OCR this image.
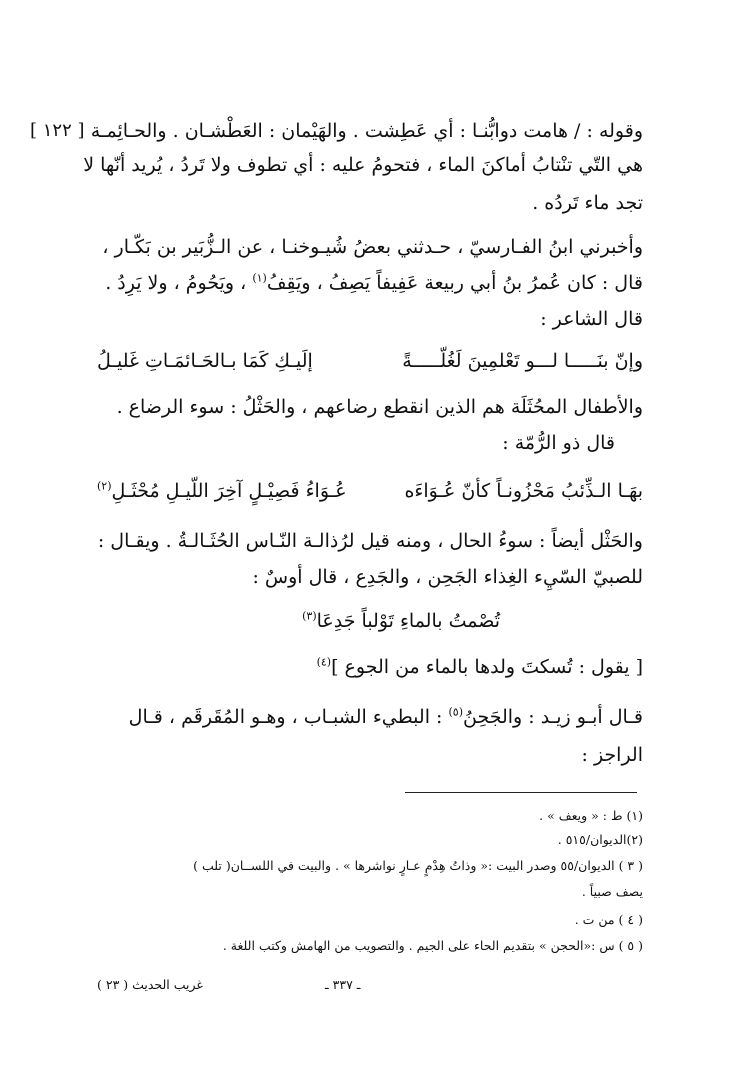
[ ١٢٢ ] وقوله : / هامت دوابُّنـا : أي عَطِشت . والهَيْمان : العَطْشـان . والحـائِمـة
هي التّي تنْتابُ أماكنَ الماء ، فتحومُ عليه : أي تطوف ولا تَردُ ، يُريد أنّها لا
تجد ماء تَردُه .
وأخبرني ابنُ الفـارسيّ ، حـدثني بعضُ شُيـوخنـا ، عن الـزُّبَير بن بَكّـار ،
قال : كان عُمرُ بنُ أبي ربيعة عَفِيفاً يَصِفُ ، ويَقِفُ$^{(١)}$ ، ويَحُومُ ، ولا يَرِدُ .
قال الشاعر :
وإنّ بنَـــــا لـــو تَعْلمِينَ لَغُلّـــــةً
إلَيـكِ كَمَا بـالحَـائمَـاتِ غَليـلُ
والأطفال المحُثَلَة هم الذين انقطع رضاعهم ، والحَثْلُ : سوء الرضاع .
قال ذو الرُّمّة :
بهَـا الـذِّئبُ مَحْزُونـاً كأنّ عُـوَاءَه
عُـوَاءُ فَصِيْـلٍ آخِرَ اللّيـلِ مُحْثَـلِ$^{(٢)}$
والحَثْل أيضاً : سوءُ الحال ، ومنه قيل لرُذالـة النّـاس الحُثَـالـةُ . ويقـال :
للصبيّ السّيِء الغِذاء الجَحِن ، والجَدِع ، قال أوسٌ :
تُصْمتُ بالماءِ تَوْلباً جَدِعَا$^{(٣)}$
[ يقول : تُسكتَ ولدها بالماء من الجوع ]$^{(٤)}$
قـال أبـو زيـد : والجَحِنُ$^{(٥)}$ : البطيء الشبـاب ، وهـو المُقَرقَم ، قـال
الراجز :
(١) ط : « ويعف » .
(٢)الديوان/٥١٥ .
( ٣ ) الديوان/٥٥ وصدر البيت :« وذاتُ هِدْمٍ عـارٍ نواشرها » . والبيت في اللســان( تلب )
يصف صبياً .
( ٤ ) من ت .
( ٥ ) س :«الحجن » بتقديم الحاء على الجيم . والتصويب من الهامش وكتب اللغة .
ـ ٣٣٧ ـ
غريب الحديث ( ٢٣ )
